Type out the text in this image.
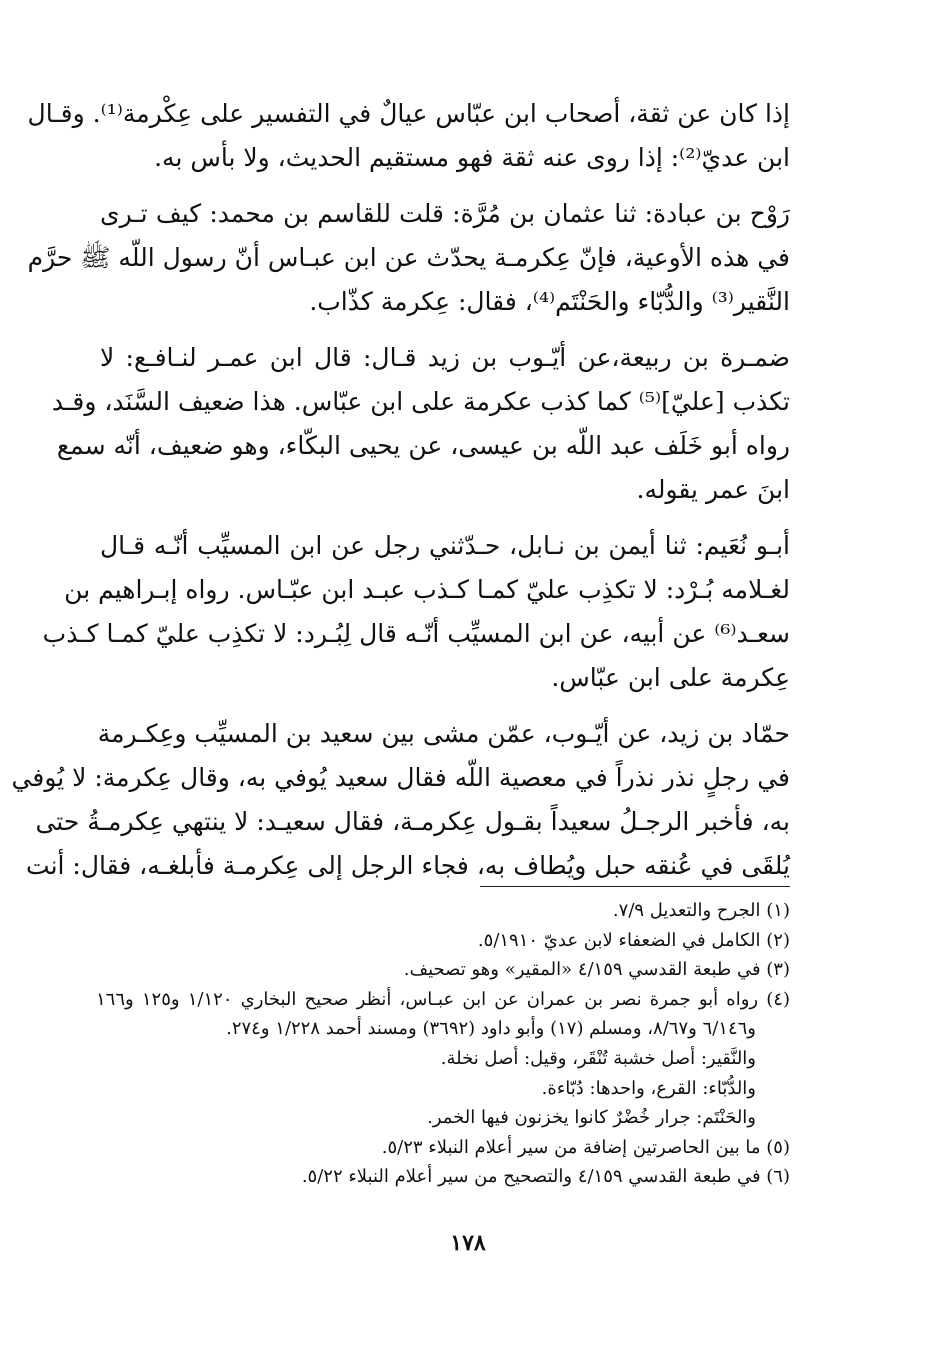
إذا كان عن ثقة، أصحاب ابن عبّاس عيالٌ في التفسير على عِكْرمة⁽¹⁾. وقـال
ابن عديّ⁽²⁾: إذا روى عنه ثقة فهو مستقيم الحديث، ولا بأس به.

رَوْح بن عبادة: ثنا عثمان بن مُرَّة: قلت للقاسم بن محمد: كيف تـرى
في هذه الأوعية، فإنّ عِكرمـة يحدّث عن ابن عبـاس أنّ رسول اللّه ﷺ حرَّم
النَّقير⁽³⁾ والدُّبّاء والحَنْتَم⁽⁴⁾، فقال: عِكرمة كذّاب.

ضمـرة بن ربيعة،عن أيّـوب بن زيد قـال: قال ابن عمـر لنـافـع: لا
تكذب [عليّ]⁽⁵⁾ كما كذب عكرمة على ابن عبّاس. هذا ضعيف السَّنَد، وقـد
رواه أبو خَلَف عبد اللّه بن عيسى، عن يحيى البكّاء، وهو ضعيف، أنّه سمع
ابنَ عمر يقوله.

أبـو نُعَيم: ثنا أيمن بن نـابل، حـدّثني رجل عن ابن المسيِّب أنّـه قـال
لغـلامه بُـرْد: لا تكذِب عليّ كمـا كـذب عبـد ابن عبّـاس. رواه إبـراهيم بن
سعـد⁽⁶⁾ عن أبيه، عن ابن المسيِّب أنّـه قال لِبُـرد: لا تكذِب عليّ كمـا كـذب
عِكرمة على ابن عبّاس.

حمّاد بن زيد، عن أيّـوب، عمّن مشى بين سعيد بن المسيِّب وعِكـرمة
في رجلٍ نذر نذراً في معصية اللّه فقال سعيد يُوفي به، وقال عِكرمة: لا يُوفي
به، فأخبر الرجـلُ سعيداً بقـول عِكرمـة، فقال سعيـد: لا ينتهي عِكرمـةُ حتى
يُلقَى في عُنقه حبل ويُطاف به، فجاء الرجل إلى عِكرمـة فأبلغـه، فقال: أنت

(١) الجرح والتعديل ٧/٩.
(٢) الكامل في الضعفاء لابن عديّ ٥/١٩١٠.
(٣) في طبعة القدسي ٤/١٥٩ «المقير» وهو تصحيف.
(٤) رواه أبو جمرة نصر بن عمران عن ابن عبـاس، أنظر صحيح البخاري ١/١٢٠ و١٢٥ و١٦٦
و٦/١٤٦ و٨/٦٧، ومسلم (١٧) وأبو داود (٣٦٩٢) ومسند أحمد ١/٢٢٨ و٢٧٤.
والنَّقير: أصل خشبة تُنْقَر، وقيل: أصل نخلة.
والدُّبّاء: القرع، واحدها: دُبّاءة.
والحَنْتَم: جرار خُضْرٌ كانوا يخزنون فيها الخمر.
(٥) ما بين الحاصرتين إضافة من سير أعلام النبلاء ٥/٢٣.
(٦) في طبعة القدسي ٤/١٥٩ والتصحيح من سير أعلام النبلاء ٥/٢٢.
١٧٨
